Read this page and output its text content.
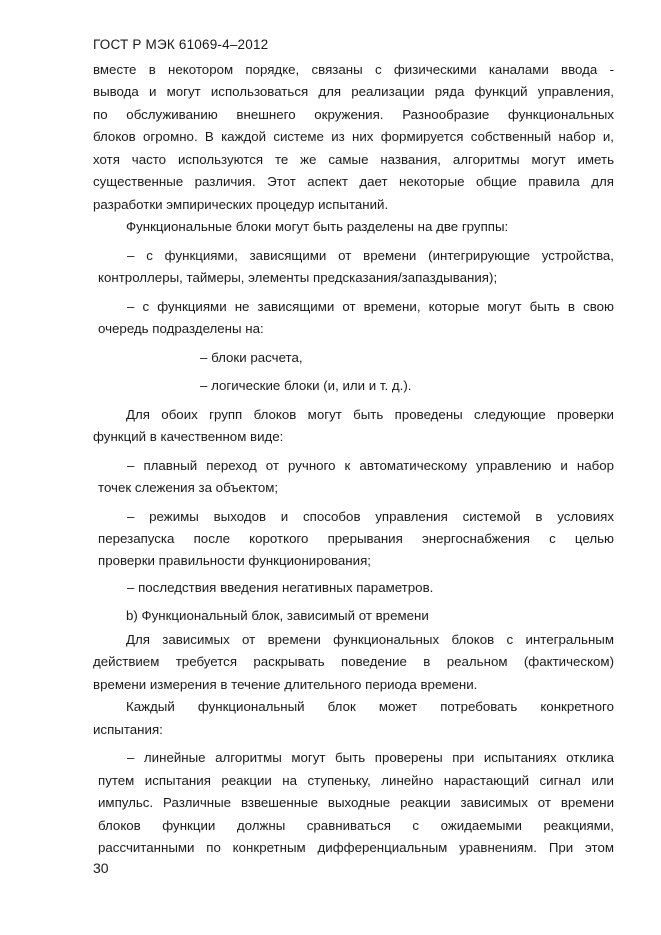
ГОСТ Р МЭК 61069-4–2012
вместе в некотором порядке, связаны с физическими каналами ввода -
вывода и могут использоваться для реализации ряда функций управления,
по обслуживанию внешнего окружения. Разнообразие функциональных
блоков огромно. В каждой системе из них формируется собственный набор и,
хотя часто используются те же самые названия, алгоритмы могут иметь
существенные различия. Этот аспект дает некоторые общие правила для
разработки эмпирических процедур испытаний.
Функциональные блоки могут быть разделены на две группы:
– с функциями, зависящими от времени (интегрирующие устройства,
контроллеры, таймеры, элементы предсказания/запаздывания);
– с функциями не зависящими от времени, которые могут быть в свою
очередь подразделены на:
– блоки расчета,
– логические блоки (и, или и т. д.).
Для обоих групп блоков могут быть проведены следующие проверки
функций в качественном виде:
– плавный переход от ручного к автоматическому управлению и набор
точек слежения за объектом;
– режимы выходов и способов управления системой в условиях
перезапуска после короткого прерывания энергоснабжения с целью
проверки правильности функционирования;
– последствия введения негативных параметров.
b) Функциональный блок, зависимый от времени
Для зависимых от времени функциональных блоков с интегральным
действием требуется раскрывать поведение в реальном (фактическом)
времени измерения в течение длительного периода времени.
Каждый функциональный блок может потребовать конкретного
испытания:
– линейные алгоритмы могут быть проверены при испытаниях отклика
путем испытания реакции на ступеньку, линейно нарастающий сигнал или
импульс. Различные взвешенные выходные реакции зависимых от времени
блоков функции должны сравниваться с ожидаемыми реакциями,
рассчитанными по конкретным дифференциальным уравнениям. При этом
30
